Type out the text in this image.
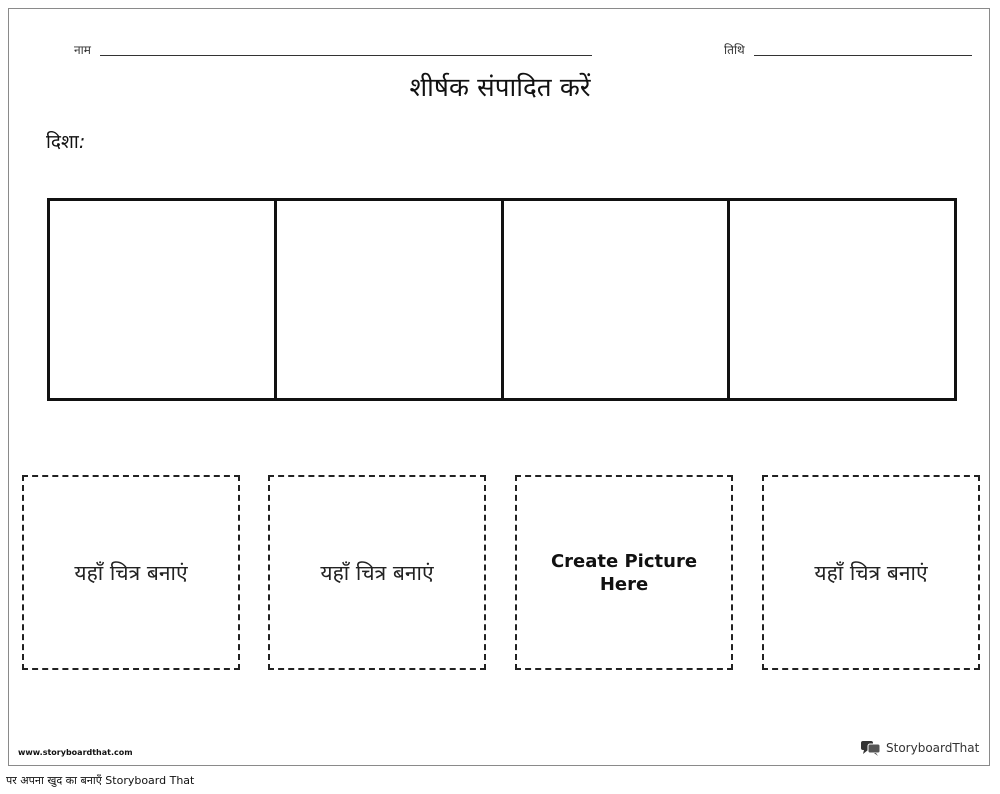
नाम	तिथि
शीर्षक संपादित करें
दिशा:
यहाँ चित्र बनाएं	यहाँ चित्र बनाएं	Create Picture
Here	यहाँ चित्र बनाएं
www.storyboardthat.com	StoryboardThat
पर अपना खुद का बनाएँ Storyboard That
